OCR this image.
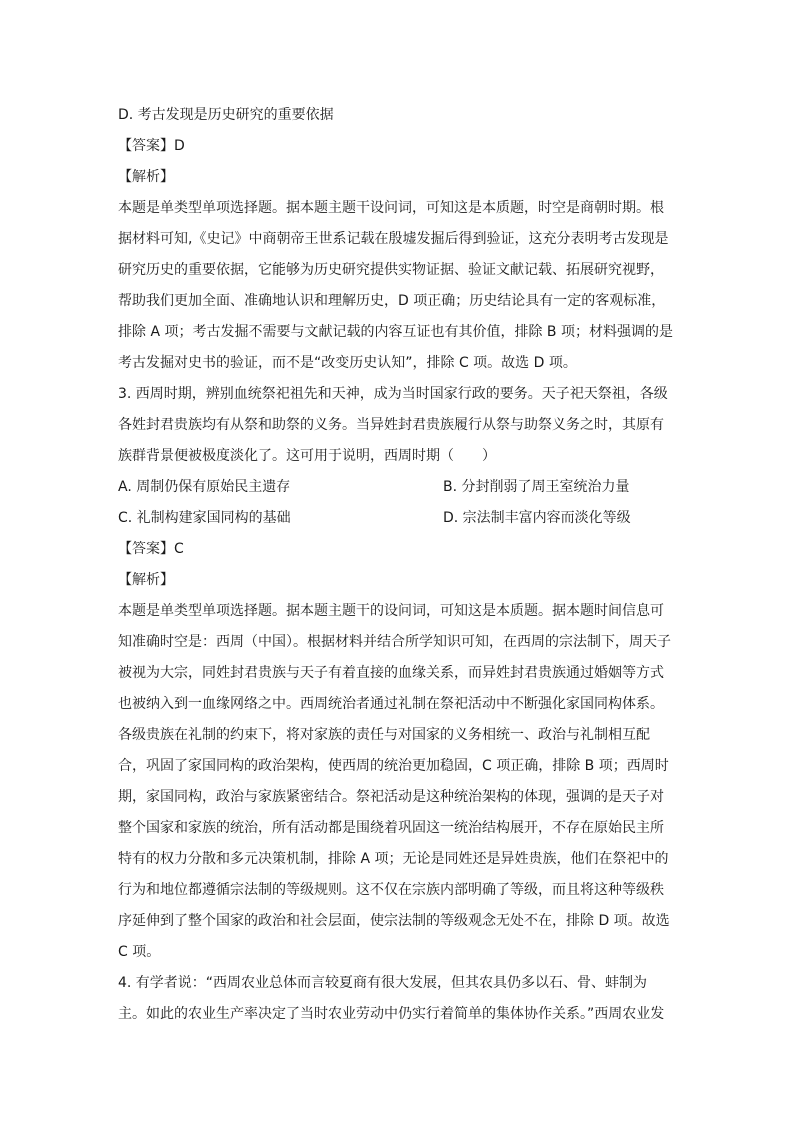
D. 考古发现是历史研究的重要依据
【答案】D
【解析】
本题是单类型单项选择题。据本题主题干设问词，可知这是本质题，时空是商朝时期。根
据材料可知,《史记》中商朝帝王世系记载在殷墟发掘后得到验证，这充分表明考古发现是
研究历史的重要依据，它能够为历史研究提供实物证据、验证文献记载、拓展研究视野，
帮助我们更加全面、准确地认识和理解历史，D 项正确；历史结论具有一定的客观标准，
排除 A 项；考古发掘不需要与文献记载的内容互证也有其价值，排除 B 项；材料强调的是
考古发掘对史书的验证，而不是“改变历史认知”，排除 C 项。故选 D 项。
3. 西周时期，辨别血统祭祀祖先和天神，成为当时国家行政的要务。天子祀天祭祖，各级
各姓封君贵族均有从祭和助祭的义务。当异姓封君贵族履行从祭与助祭义务之时，其原有
族群背景便被极度淡化了。这可用于说明，西周时期（　　）
A. 周制仍保有原始民主遗存	B. 分封削弱了周王室统治力量
C. 礼制构建家国同构的基础	D. 宗法制丰富内容而淡化等级
【答案】C
【解析】
本题是单类型单项选择题。据本题主题干的设问词，可知这是本质题。据本题时间信息可
知准确时空是：西周（中国）。根据材料并结合所学知识可知，在西周的宗法制下，周天子
被视为大宗，同姓封君贵族与天子有着直接的血缘关系，而异姓封君贵族通过婚姻等方式
也被纳入到一血缘网络之中。西周统治者通过礼制在祭祀活动中不断强化家国同构体系。
各级贵族在礼制的约束下，将对家族的责任与对国家的义务相统一、政治与礼制相互配
合，巩固了家国同构的政治架构，使西周的统治更加稳固，C 项正确，排除 B 项；西周时
期，家国同构，政治与家族紧密结合。祭祀活动是这种统治架构的体现，强调的是天子对
整个国家和家族的统治，所有活动都是围绕着巩固这一统治结构展开，不存在原始民主所
特有的权力分散和多元决策机制，排除 A 项；无论是同姓还是异姓贵族，他们在祭祀中的
行为和地位都遵循宗法制的等级规则。这不仅在宗族内部明确了等级，而且将这种等级秩
序延伸到了整个国家的政治和社会层面，使宗法制的等级观念无处不在，排除 D 项。故选
C 项。
4. 有学者说：“西周农业总体而言较夏商有很大发展，但其农具仍多以石、骨、蚌制为
主。如此的农业生产率决定了当时农业劳动中仍实行着简单的集体协作关系。”西周农业发
